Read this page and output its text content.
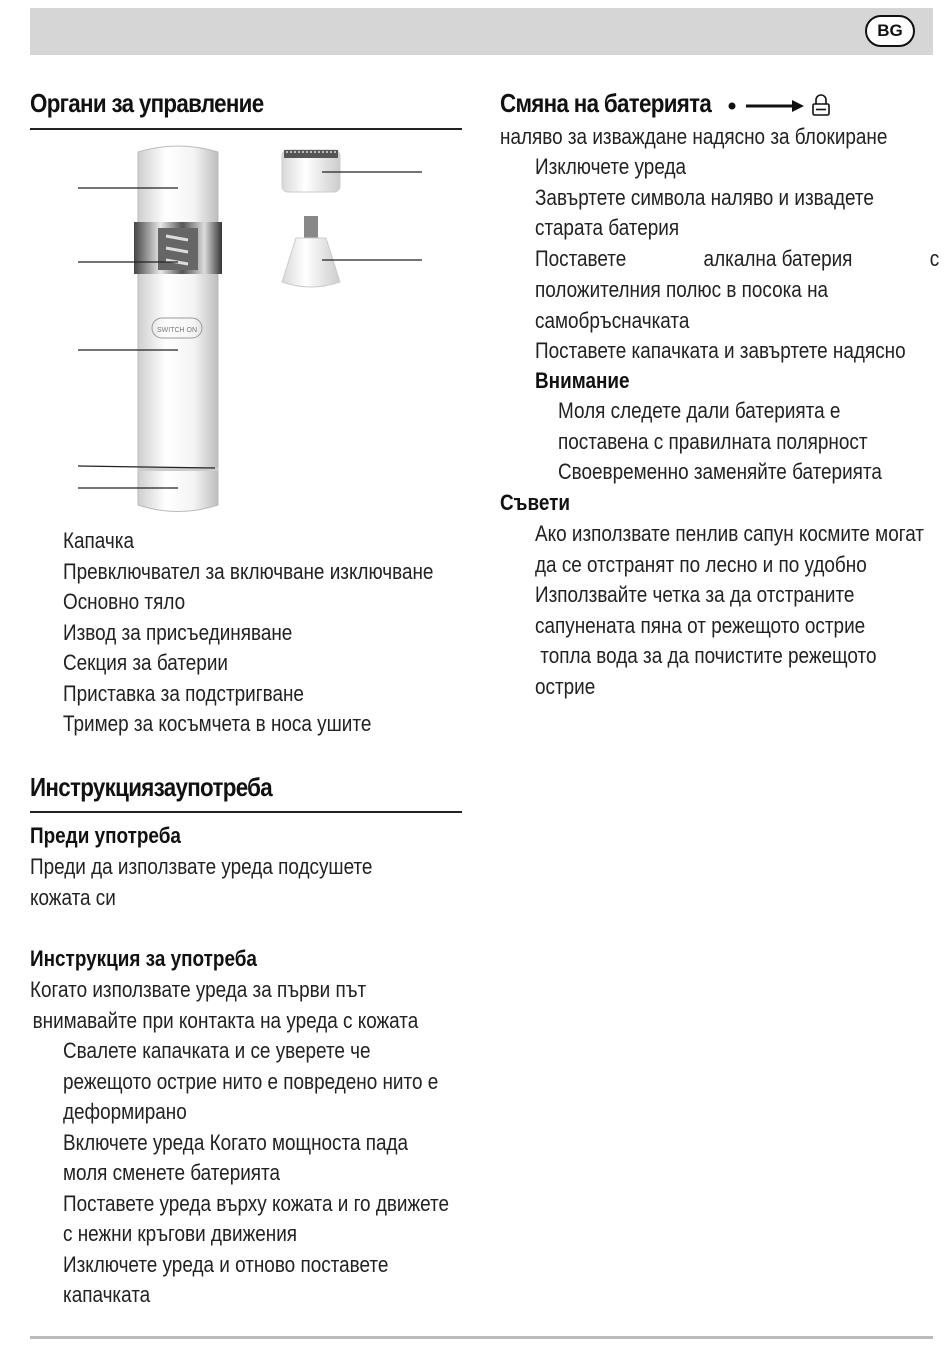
BG
Органи за управление
SWITCH ON
Капачка
Превключвател за включване изключване
Основно тяло
Извод за присъединяване
Секция за батерии
Приставка за подстригване
Тример за косъмчета в носа ушите
Инструкциязаупотреба
Преди употреба
Преди да използвате уреда подсушете
кожата си
Инструкция за употреба
Когато използвате уреда за първи път
внимавайте при контакта на уреда с кожата
Свалете капачката и се уверете че
режещото острие нито е повредено нито е
деформирано
Включете уреда Когато мощноста пада
моля сменете батерията
Поставете уреда върху кожата и го движете
с нежни кръгови движения
Изключете уреда и отново поставете
капачката
Смяна на батерията
наляво за изваждане надясно за блокиране
Изключете уреда
Завъртете символа наляво и извадете
старата батерия
Поставете	алкална батерия	с
положителния полюс в посока на
самобръсначката
Поставете капачката и завъртете надясно
Внимание
Моля следете дали батерията е
поставена с правилната полярност
Своевременно заменяйте батерията
Съвети
Ако използвате пенлив сапун космите могат
да се отстранят по лесно и по удобно
Използвайте четка за да отстраните
сапунената пяна от режещото острие
топла вода за да почистите режещото
острие
